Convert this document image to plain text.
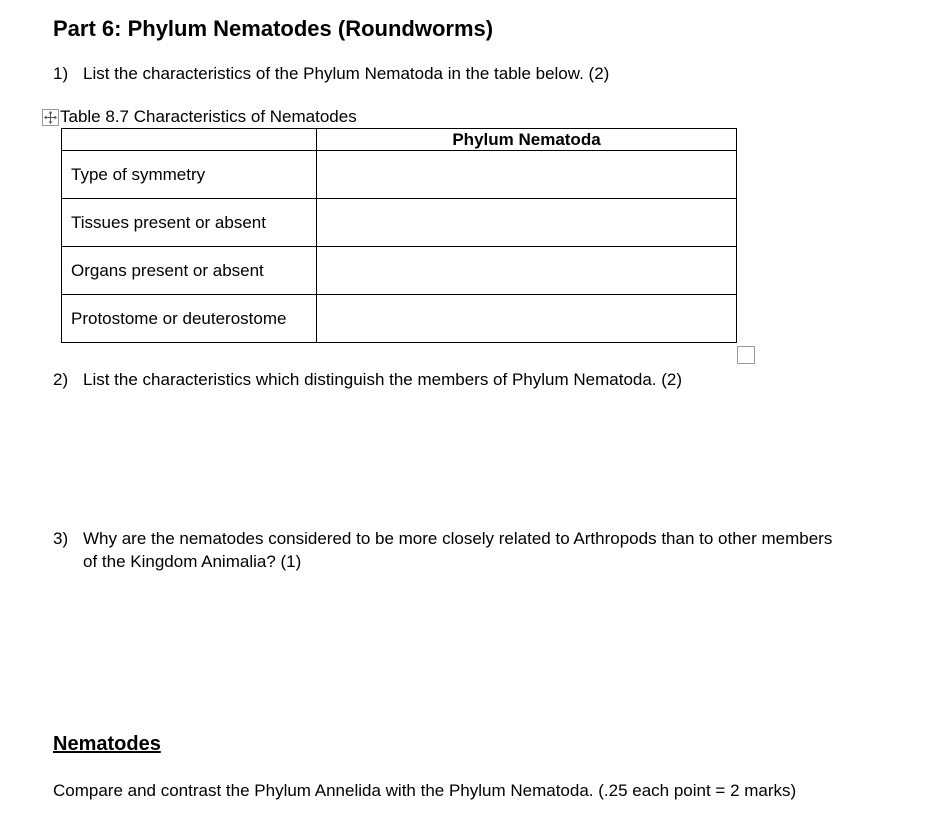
Part 6: Phylum Nematodes (Roundworms)
1) List the characteristics of the Phylum Nematoda in the table below. (2)
Table 8.7 Characteristics of Nematodes
	Phylum Nematoda
Type of symmetry	
Tissues present or absent	
Organs present or absent	
Protostome or deuterostome	
2) List the characteristics which distinguish the members of Phylum Nematoda. (2)
3) Why are the nematodes considered to be more closely related to Arthropods than to other members of the Kingdom Animalia? (1)
Nematodes

Compare and contrast the Phylum Annelida with the Phylum Nematoda. (.25 each point = 2 marks)
